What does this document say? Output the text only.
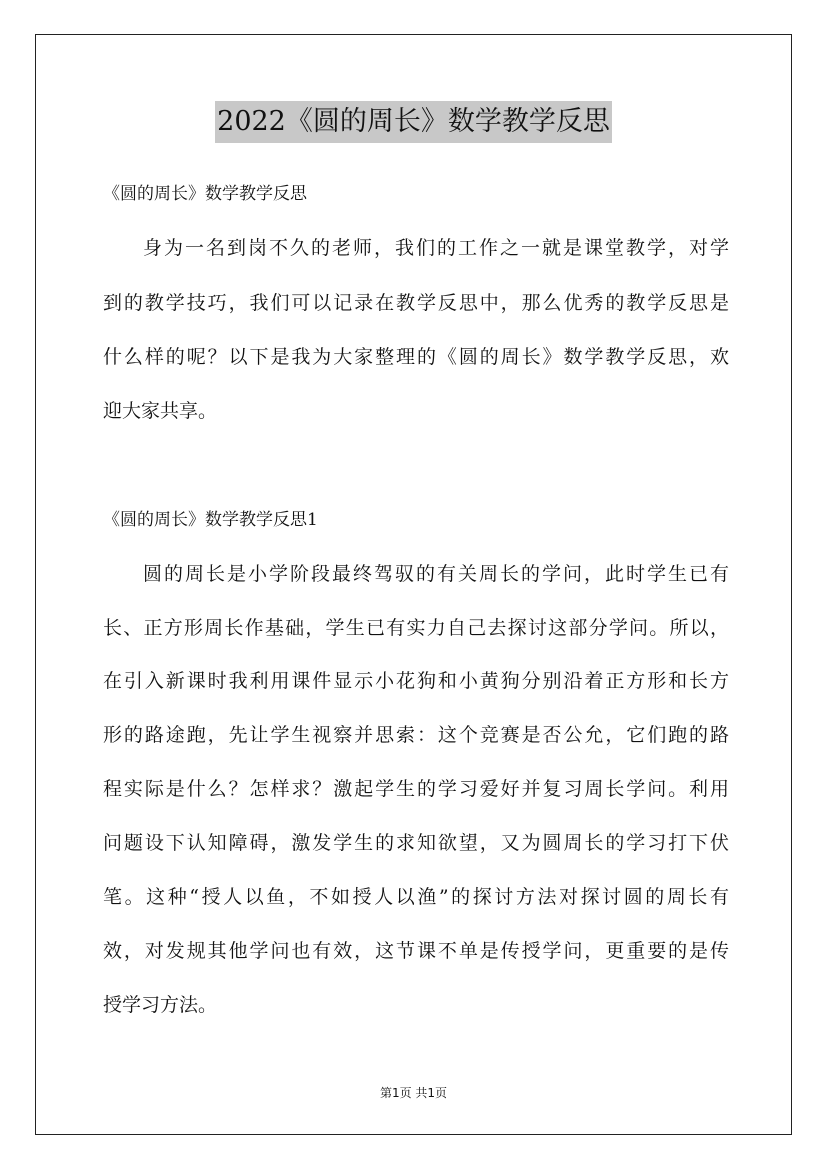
2022《圆的周长》数学教学反思
《圆的周长》数学教学反思
身为一名到岗不久的老师，我们的工作之一就是课堂教学，对学
到的教学技巧，我们可以记录在教学反思中，那么优秀的教学反思是
什么样的呢？以下是我为大家整理的《圆的周长》数学教学反思，欢
迎大家共享。
《圆的周长》数学教学反思1
圆的周长是小学阶段最终驾驭的有关周长的学问，此时学生已有
长、正方形周长作基础，学生已有实力自己去探讨这部分学问。所以，
在引入新课时我利用课件显示小花狗和小黄狗分别沿着正方形和长方
形的路途跑，先让学生视察并思索：这个竞赛是否公允，它们跑的路
程实际是什么？怎样求？激起学生的学习爱好并复习周长学问。利用
问题设下认知障碍，激发学生的求知欲望，又为圆周长的学习打下伏
笔。这种“授人以鱼，不如授人以渔”的探讨方法对探讨圆的周长有
效，对发规其他学问也有效，这节课不单是传授学问，更重要的是传
授学习方法。
第1页 共1页
